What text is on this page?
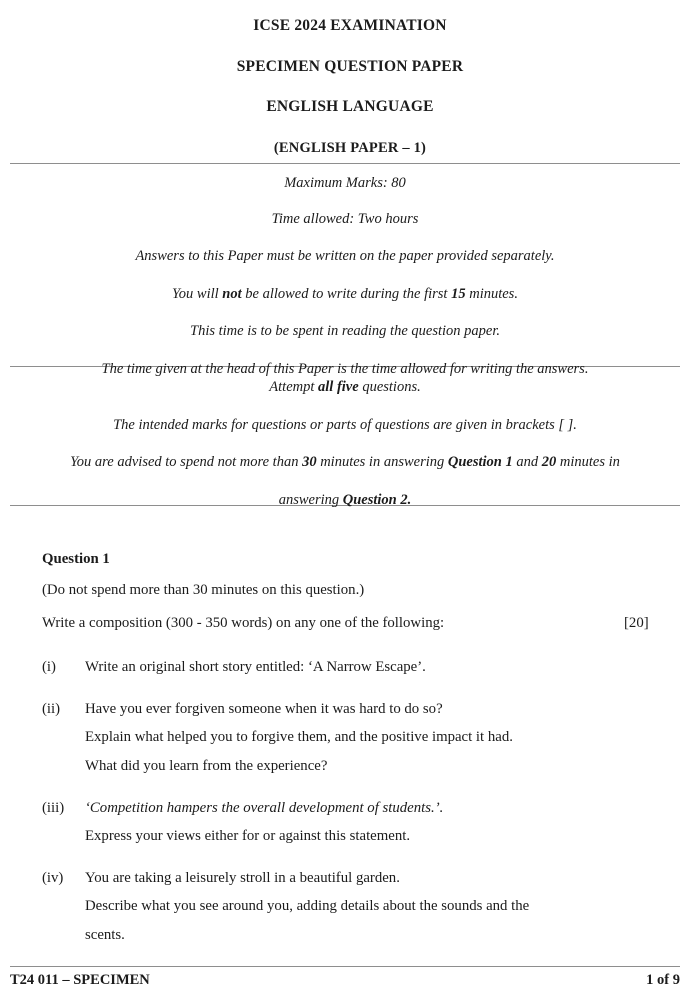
ICSE 2024 EXAMINATION

SPECIMEN QUESTION PAPER

ENGLISH LANGUAGE

(ENGLISH PAPER – 1)

Maximum Marks: 80

Time allowed: Two hours

Answers to this Paper must be written on the paper provided separately.

You will not be allowed to write during the first 15 minutes.

This time is to be spent in reading the question paper.

The time given at the head of this Paper is the time allowed for writing the answers.

Attempt all five questions.

The intended marks for questions or parts of questions are given in brackets [ ].

You are advised to spend not more than 30 minutes in answering Question 1 and 20 minutes in

answering Question 2.

Question 1

(Do not spend more than 30 minutes on this question.)

Write a composition (300 - 350 words) on any one of the following:	[20]
(i)	Write an original short story entitled: ‘A Narrow Escape’.

(ii)	Have you ever forgiven someone when it was hard to do so?

Explain what helped you to forgive them, and the positive impact it had.

What did you learn from the experience?

(iii)	‘Competition hampers the overall development of students.’.

Express your views either for or against this statement.

(iv)	You are taking a leisurely stroll in a beautiful garden.

Describe what you see around you, adding details about the sounds and the

scents.

T24 011 – SPECIMEN	1 of 9
